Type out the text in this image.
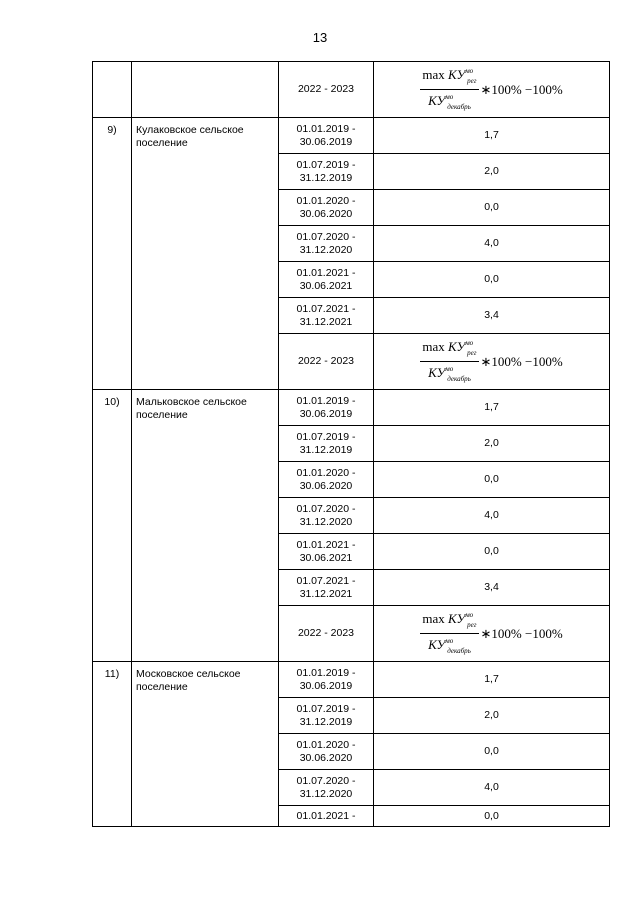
13
		2022 - 2023	$\frac{\max КУ^{мо}_{рег}}{КУ^{мо}_{декабрь}}$ ∗100% −100%

9)	Кулаковское сельское поселение	01.01.2019 - 30.06.2019	1,7
		01.07.2019 - 31.12.2019	2,0
		01.01.2020 - 30.06.2020	0,0
		01.07.2020 - 31.12.2020	4,0
		01.01.2021 - 30.06.2021	0,0
		01.07.2021 - 31.12.2021	3,4
		2022 - 2023	$\frac{\max КУ^{мо}_{рег}}{КУ^{мо}_{декабрь}}$ ∗100% −100%

10)	Мальковское сельское поселение	01.01.2019 - 30.06.2019	1,7
		01.07.2019 - 31.12.2019	2,0
		01.01.2020 - 30.06.2020	0,0
		01.07.2020 - 31.12.2020	4,0
		01.01.2021 - 30.06.2021	0,0
		01.07.2021 - 31.12.2021	3,4
		2022 - 2023	$\frac{\max КУ^{мо}_{рег}}{КУ^{мо}_{декабрь}}$ ∗100% −100%

11)	Московское сельское поселение	01.01.2019 - 30.06.2019	1,7
		01.07.2019 - 31.12.2019	2,0
		01.01.2020 - 30.06.2020	0,0
		01.07.2020 - 31.12.2020	4,0
		01.01.2021 -	0,0
